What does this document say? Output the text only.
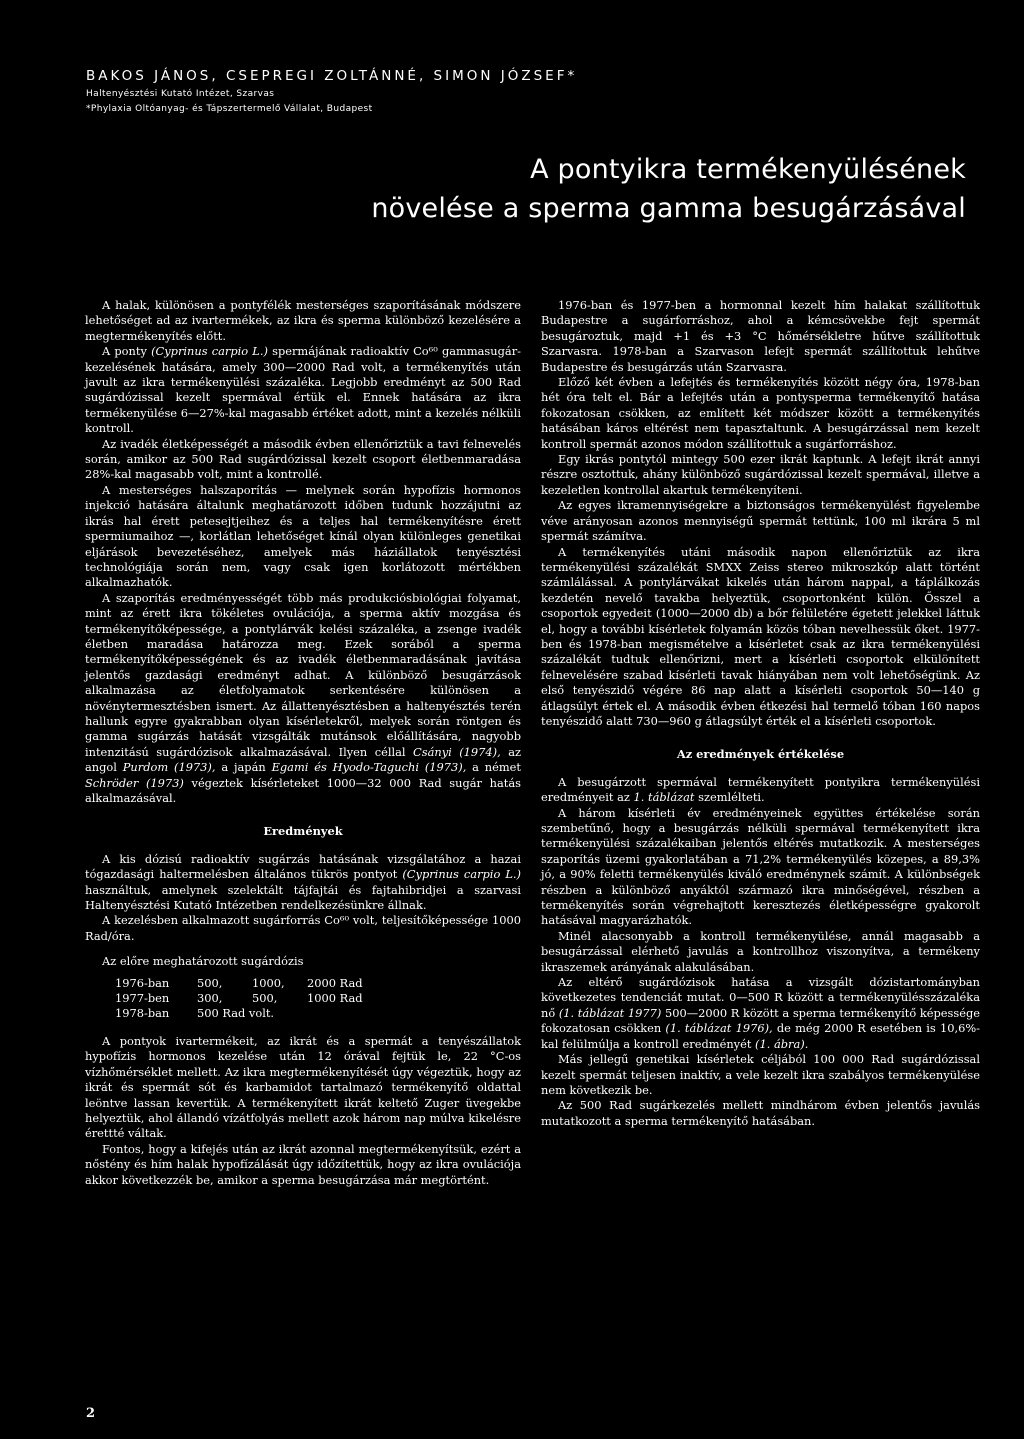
BAKOS JÁNOS, CSEPREGI ZOLTÁNNÉ, SIMON JÓZSEF*
Haltenyésztési Kutató Intézet, Szarvas
*Phylaxia Oltóanyag- és Tápszertermelő Vállalat, Budapest
A pontyikra termékenyülésének
növelése a sperma gamma besugárzásával

A halak, különösen a pontyfélék mesterséges szaporításának módszere lehetőséget ad az ivartermékek, az ikra és sperma különböző kezelésére a megtermékenyítés előtt.

A ponty (Cyprinus carpio L.) spermájának radioaktív Co⁶⁰ gammasugár-kezelésének hatására, amely 300—2000 Rad volt, a termékenyítés után javult az ikra termékenyülési százaléka. Legjobb eredményt az 500 Rad sugárdózissal kezelt spermával értük el. Ennek hatására az ikra termékenyülése 6—27%-kal magasabb értéket adott, mint a kezelés nélküli kontroll.

Az ivadék életképességét a második évben ellenőriztük a tavi felnevelés során, amikor az 500 Rad sugárdózissal kezelt csoport életbenmaradása 28%-kal magasabb volt, mint a kontrollé.

A mesterséges halszaporítás — melynek során hypofízis hormonos injekció hatására általunk meghatározott időben tudunk hozzájutni az ikrás hal érett petesejtjeihez és a teljes hal termékenyítésre érett spermiumaihoz —, korlátlan lehetőséget kínál olyan különleges genetikai eljárások bevezetéséhez, amelyek más háziállatok tenyésztési technológiája során nem, vagy csak igen korlátozott mértékben alkalmazhatók.

A szaporítás eredményességét több más produkciósbiológiai folyamat, mint az érett ikra tökéletes ovulációja, a sperma aktív mozgása és termékenyítőképessége, a pontylárvák kelési százaléka, a zsenge ivadék életben maradása határozza meg. Ezek sorából a sperma termékenyítőképességének és az ivadék életbenmaradásának javítása jelentős gazdasági eredményt adhat. A különböző besugárzások alkalmazása az életfolyamatok serkentésére különösen a növénytermesztésben ismert. Az állattenyésztésben a haltenyésztés terén hallunk egyre gyakrabban olyan kísérletekről, melyek során röntgen és gamma sugárzás hatását vizsgálták mutánsok előállítására, nagyobb intenzitású sugárdózisok alkalmazásával. Ilyen céllal Csányi (1974), az angol Purdom (1973), a japán Egami és Hyodo-Taguchi (1973), a német Schröder (1973) végeztek kísérleteket 1000—32 000 Rad sugár hatás alkalmazásával.

Eredmények

A kis dózisú radioaktív sugárzás hatásának vizsgálatához a hazai tógazdasági haltermelésben általános tükrös pontyot (Cyprinus carpio L.) használtuk, amelynek szelektált tájfajtái és fajtahibridjei a szarvasi Haltenyésztési Kutató Intézetben rendelkezésünkre állnak.

A kezelésben alkalmazott sugárforrás Co⁶⁰ volt, teljesítőképessége 1000 Rad/óra.

Az előre meghatározott sugárdózis

1976-ban	500,	1000,	2000 Rad
1977-ben	300,	500,	1000 Rad
1978-ban	500 Rad volt.

A pontyok ivartermékeit, az ikrát és a spermát a tenyészállatok hypofízis hormonos kezelése után 12 órával fejtük le, 22 °C-os vízhőmérséklet mellett. Az ikra megtermékenyítését úgy végeztük, hogy az ikrát és spermát sót és karbamidot tartalmazó termékenyítő oldattal leöntve lassan kevertük. A termékenyített ikrát keltető Zuger üvegekbe helyeztük, ahol állandó vízátfolyás mellett azok három nap múlva kikelésre érettté váltak.

Fontos, hogy a kifejés után az ikrát azonnal megtermékenyítsük, ezért a nőstény és hím halak hypofízálását úgy időzítettük, hogy az ikra ovulációja akkor következzék be, amikor a sperma besugárzása már megtörtént.

1976-ban és 1977-ben a hormonnal kezelt hím halakat szállítottuk Budapestre a sugárforráshoz, ahol a kémcsövekbe fejt spermát besugároztuk, majd +1 és +3 °C hőmérsékletre hűtve szállítottuk Szarvasra. 1978-ban a Szarvason lefejt spermát szállítottuk lehűtve Budapestre és besugárzás után Szarvasra.

Előző két évben a lefejtés és termékenyítés között négy óra, 1978-ban hét óra telt el. Bár a lefejtés után a pontysperma termékenyítő hatása fokozatosan csökken, az említett két módszer között a termékenyítés hatásában káros eltérést nem tapasztaltunk. A besugárzással nem kezelt kontroll spermát azonos módon szállítottuk a sugárforráshoz.

Egy ikrás pontytól mintegy 500 ezer ikrát kaptunk. A lefejt ikrát annyi részre osztottuk, ahány különböző sugárdózissal kezelt spermával, illetve a kezeletlen kontrollal akartuk termékenyíteni.

Az egyes ikramennyiségekre a biztonságos termékenyülést figyelembe véve arányosan azonos mennyiségű spermát tettünk, 100 ml ikrára 5 ml spermát számítva.

A termékenyítés utáni második napon ellenőriztük az ikra termékenyülési százalékát SMXX Zeiss stereo mikroszkóp alatt történt számlálással. A pontylárvákat kikelés után három nappal, a táplálkozás kezdetén nevelő tavakba helyeztük, csoportonként külön. Ősszel a csoportok egyedeit (1000—2000 db) a bőr felületére égetett jelekkel láttuk el, hogy a további kísérletek folyamán közös tóban nevelhessük őket. 1977-ben és 1978-ban megismételve a kísérletet csak az ikra termékenyülési százalékát tudtuk ellenőrizni, mert a kísérleti csoportok elkülönített felnevelésére szabad kísérleti tavak hiányában nem volt lehetőségünk. Az első tenyészidő végére 86 nap alatt a kísérleti csoportok 50—140 g átlagsúlyt értek el. A második évben étkezési hal termelő tóban 160 napos tenyészidő alatt 730—960 g átlagsúlyt érték el a kísérleti csoportok.

Az eredmények értékelése

A besugárzott spermával termékenyített pontyikra termékenyülési eredményeit az 1. táblázat szemlélteti.

A három kísérleti év eredményeinek együttes értékelése során szembetűnő, hogy a besugárzás nélküli spermával termékenyített ikra termékenyülési százalékaiban jelentős eltérés mutatkozik. A mesterséges szaporítás üzemi gyakorlatában a 71,2% termékenyülés közepes, a 89,3% jó, a 90% feletti termékenyülés kiváló eredménynek számít. A különbségek részben a különböző anyáktól származó ikra minőségével, részben a termékenyítés során végrehajtott keresztezés életképességre gyakorolt hatásával magyarázhatók.

Minél alacsonyabb a kontroll termékenyülése, annál magasabb a besugárzással elérhető javulás a kontrollhoz viszonyítva, a termékeny ikraszemek arányának alakulásában.

Az eltérő sugárdózisok hatása a vizsgált dózistartományban következetes tendenciát mutat. 0—500 R között a termékenyülésszázaléka nő (1. táblázat 1977) 500—2000 R között a sperma termékenyítő képessége fokozatosan csökken (1. táblázat 1976), de még 2000 R esetében is 10,6%-kal felülmúlja a kontroll eredményét (1. ábra).

Más jellegű genetikai kísérletek céljából 100 000 Rad sugárdózissal kezelt spermát teljesen inaktív, a vele kezelt ikra szabályos termékenyülése nem következik be.

Az 500 Rad sugárkezelés mellett mindhárom évben jelentős javulás mutatkozott a sperma termékenyítő hatásában.

2
